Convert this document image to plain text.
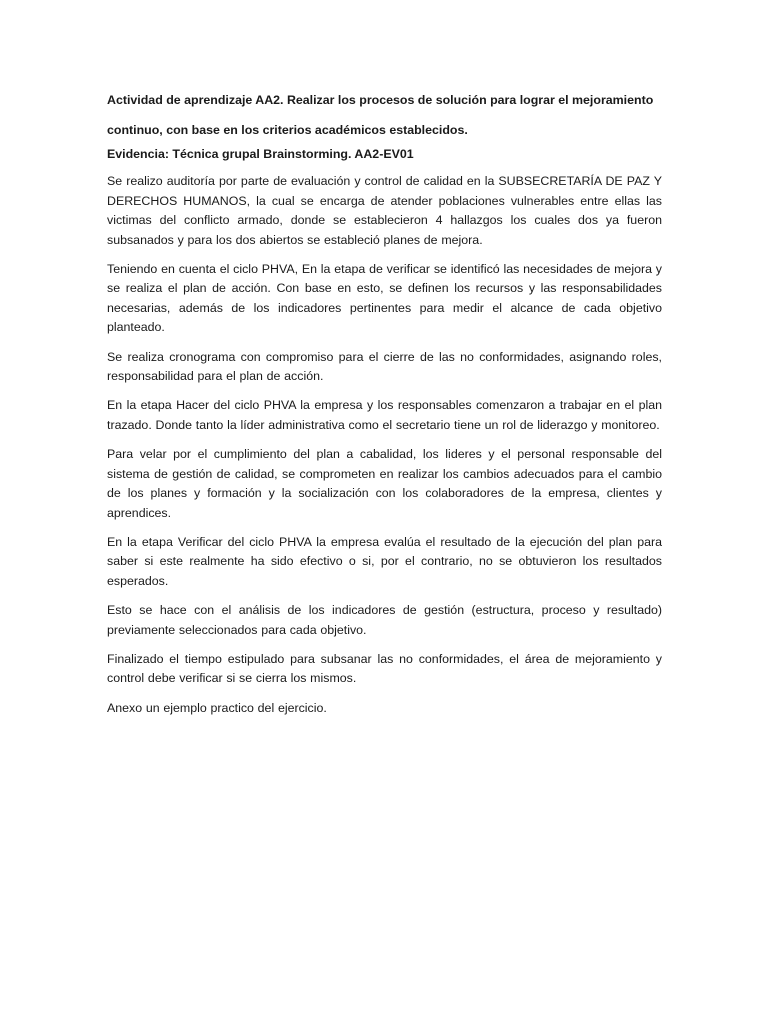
Actividad de aprendizaje AA2. Realizar los procesos de solución para lograr el mejoramiento continuo, con base en los criterios académicos establecidos.

Evidencia: Técnica grupal Brainstorming. AA2-EV01

Se realizo auditoría por parte de evaluación y control de calidad en la SUBSECRETARÍA DE PAZ Y DERECHOS HUMANOS, la cual se encarga de atender poblaciones vulnerables entre ellas las victimas del conflicto armado, donde se establecieron 4 hallazgos los cuales dos ya fueron subsanados y para los dos abiertos se estableció planes de mejora.

Teniendo en cuenta el ciclo PHVA, En la etapa de verificar se identificó las necesidades de mejora y se realiza el plan de acción. Con base en esto, se definen los recursos y las responsabilidades necesarias, además de los indicadores pertinentes para medir el alcance de cada objetivo planteado.

Se realiza cronograma con compromiso para el cierre de las no conformidades, asignando roles, responsabilidad para el plan de acción.

En la etapa Hacer del ciclo PHVA la empresa y los responsables comenzaron a trabajar en el plan trazado. Donde tanto la líder administrativa como el secretario tiene un rol de liderazgo y monitoreo.

Para velar por el cumplimiento del plan a cabalidad, los lideres y el personal responsable del sistema de gestión de calidad, se comprometen en realizar los cambios adecuados para el cambio de los planes y formación y la socialización con los colaboradores de la empresa, clientes y aprendices.

En la etapa Verificar del ciclo PHVA la empresa evalúa el resultado de la ejecución del plan para saber si este realmente ha sido efectivo o si, por el contrario, no se obtuvieron los resultados esperados.

Esto se hace con el análisis de los indicadores de gestión (estructura, proceso y resultado) previamente seleccionados para cada objetivo.

Finalizado el tiempo estipulado para subsanar las no conformidades, el área de mejoramiento y control debe verificar si se cierra los mismos.

Anexo un ejemplo practico del ejercicio.
